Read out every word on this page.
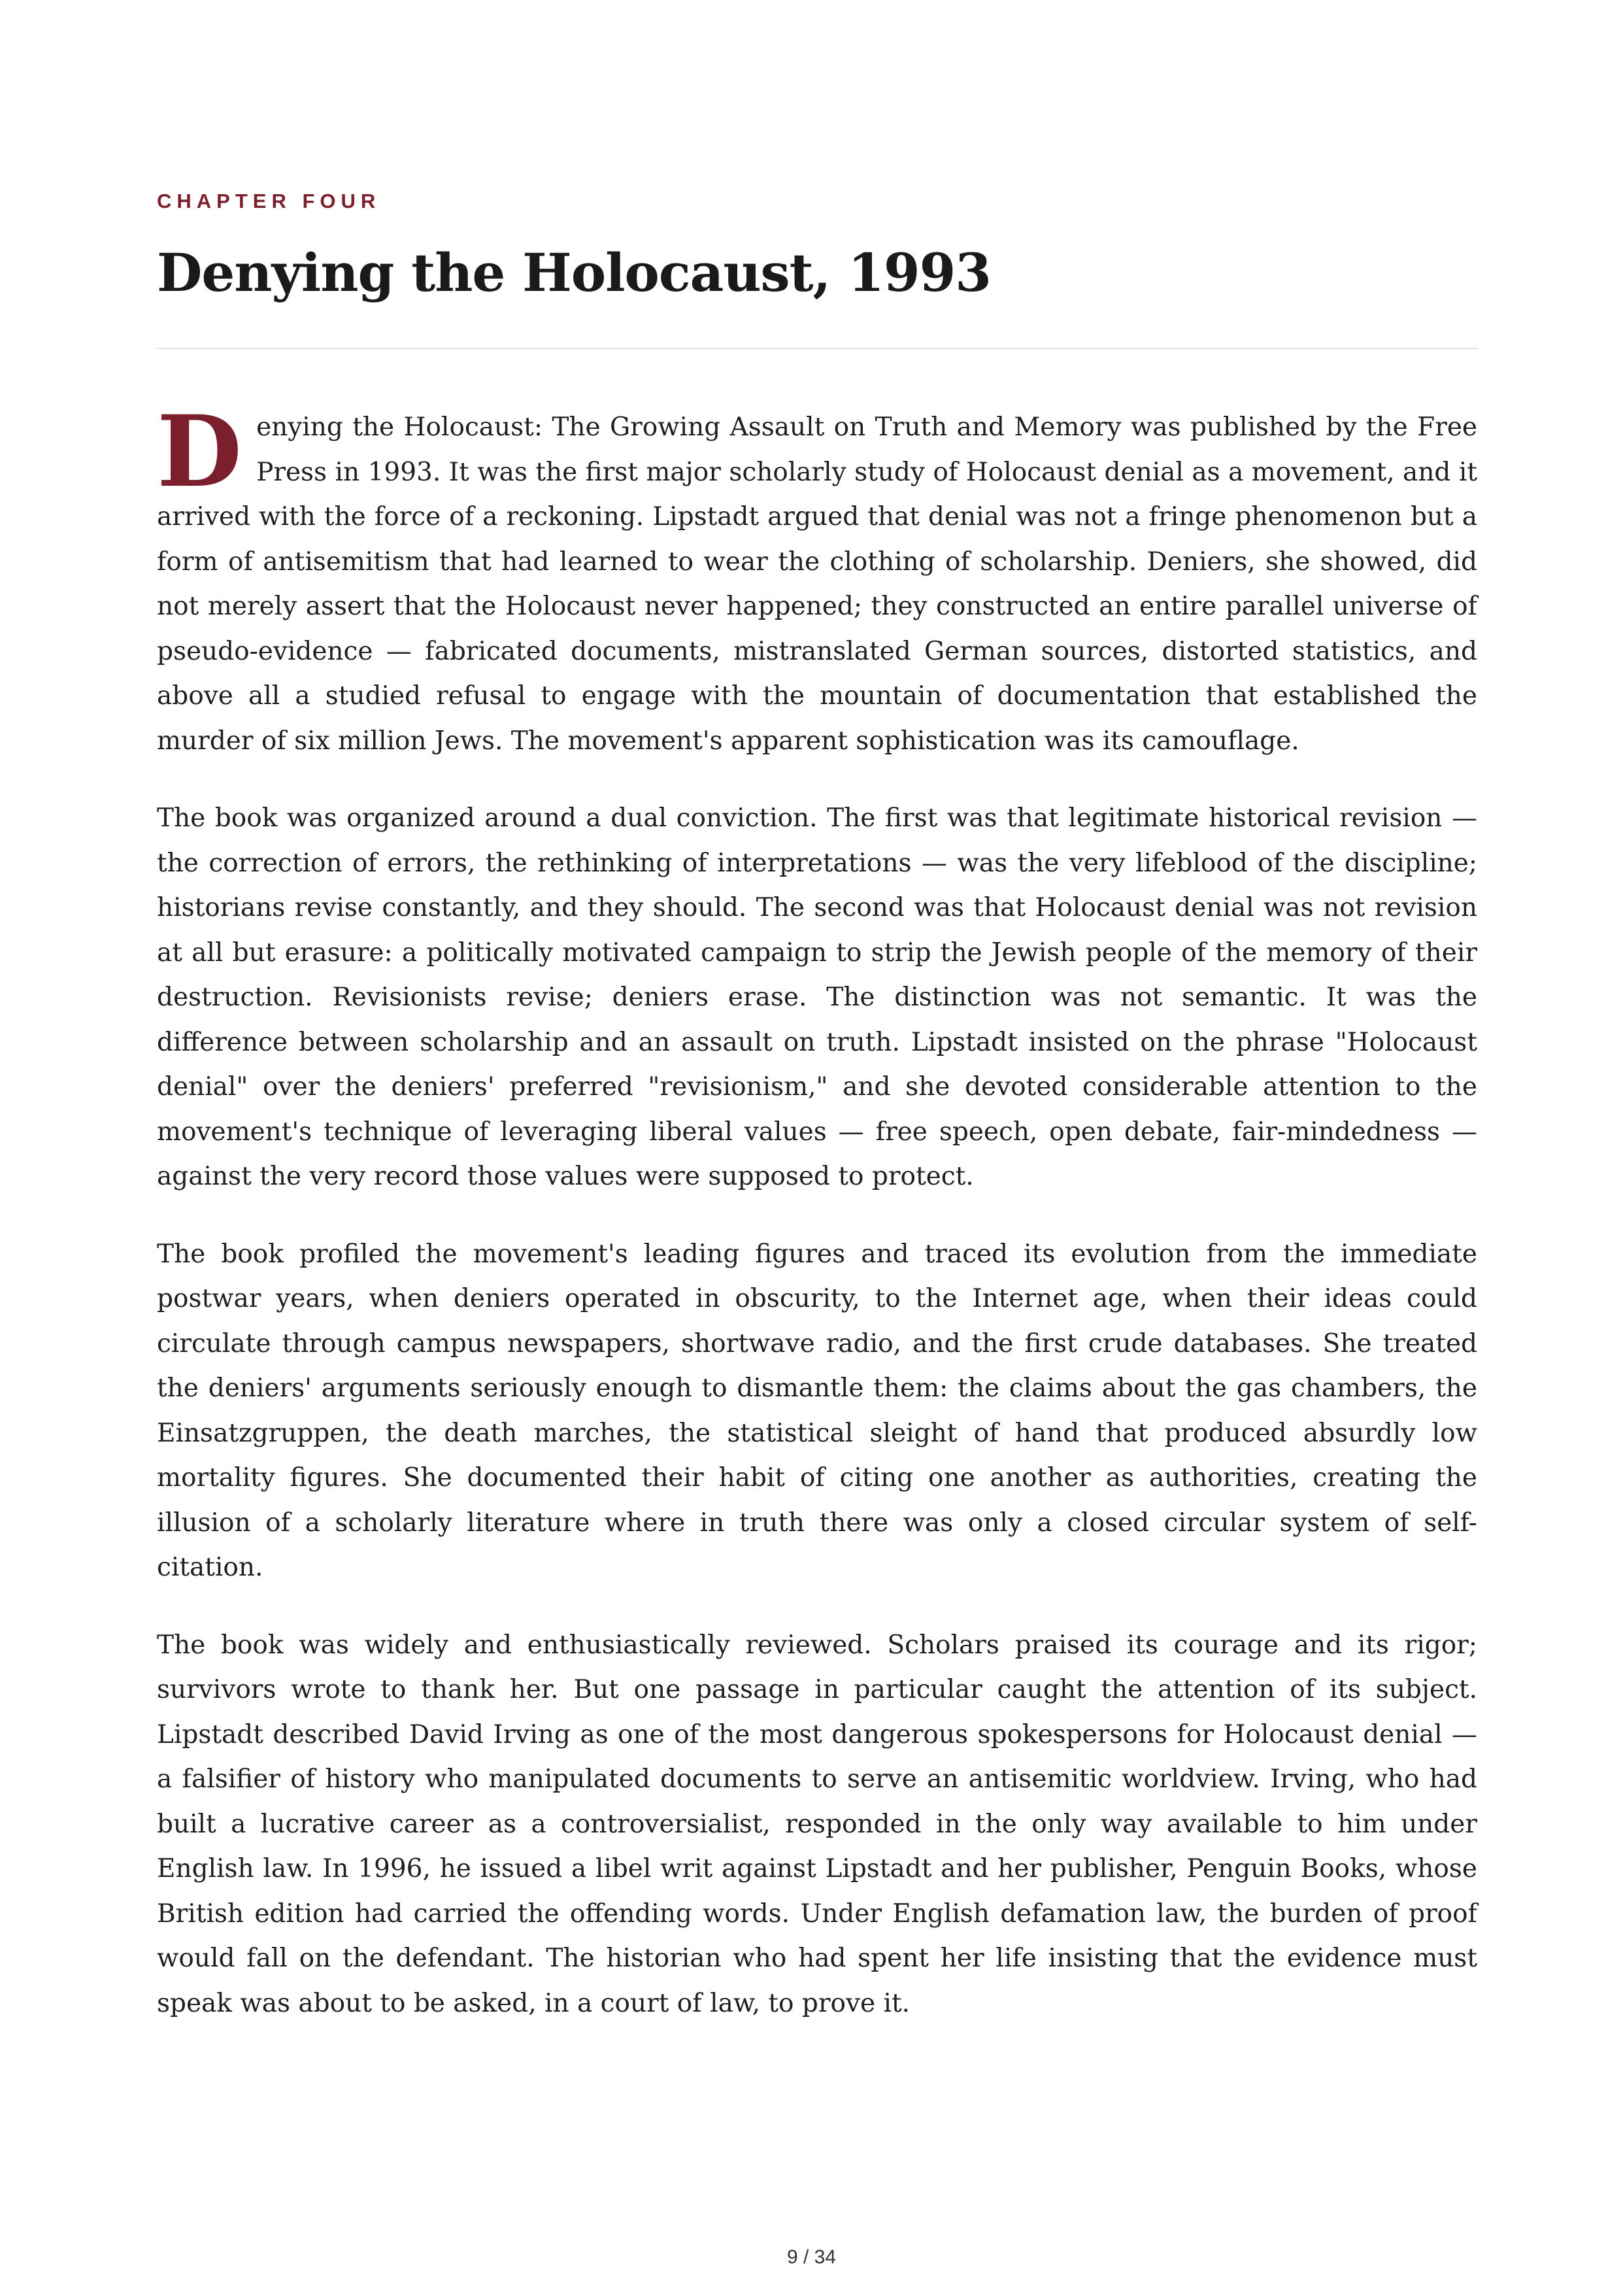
CHAPTER FOUR
Denying the Holocaust, 1993

Denying the Holocaust: The Growing Assault on Truth and Memory was published by the Free Press in 1993. It was the first major scholarly study of Holocaust denial as a movement, and it arrived with the force of a reckoning. Lipstadt argued that denial was not a fringe phenomenon but a form of antisemitism that had learned to wear the clothing of scholarship. Deniers, she showed, did not merely assert that the Holocaust never happened; they constructed an entire parallel universe of pseudo-evidence — fabricated documents, mistranslated German sources, distorted statistics, and above all a studied refusal to engage with the mountain of documentation that established the murder of six million Jews. The movement's apparent sophistication was its camouflage.

The book was organized around a dual conviction. The first was that legitimate historical revision — the correction of errors, the rethinking of interpretations — was the very lifeblood of the discipline; historians revise constantly, and they should. The second was that Holocaust denial was not revision at all but erasure: a politically motivated campaign to strip the Jewish people of the memory of their destruction. Revisionists revise; deniers erase. The distinction was not semantic. It was the difference between scholarship and an assault on truth. Lipstadt insisted on the phrase "Holocaust denial" over the deniers' preferred "revisionism," and she devoted considerable attention to the movement's technique of leveraging liberal values — free speech, open debate, fair-mindedness — against the very record those values were supposed to protect.

The book profiled the movement's leading figures and traced its evolution from the immediate postwar years, when deniers operated in obscurity, to the Internet age, when their ideas could circulate through campus newspapers, shortwave radio, and the first crude databases. She treated the deniers' arguments seriously enough to dismantle them: the claims about the gas chambers, the Einsatzgruppen, the death marches, the statistical sleight of hand that produced absurdly low mortality figures. She documented their habit of citing one another as authorities, creating the illusion of a scholarly literature where in truth there was only a closed circular system of self-citation.

The book was widely and enthusiastically reviewed. Scholars praised its courage and its rigor; survivors wrote to thank her. But one passage in particular caught the attention of its subject. Lipstadt described David Irving as one of the most dangerous spokespersons for Holocaust denial — a falsifier of history who manipulated documents to serve an antisemitic worldview. Irving, who had built a lucrative career as a controversialist, responded in the only way available to him under English law. In 1996, he issued a libel writ against Lipstadt and her publisher, Penguin Books, whose British edition had carried the offending words. Under English defamation law, the burden of proof would fall on the defendant. The historian who had spent her life insisting that the evidence must speak was about to be asked, in a court of law, to prove it.

9 / 34
